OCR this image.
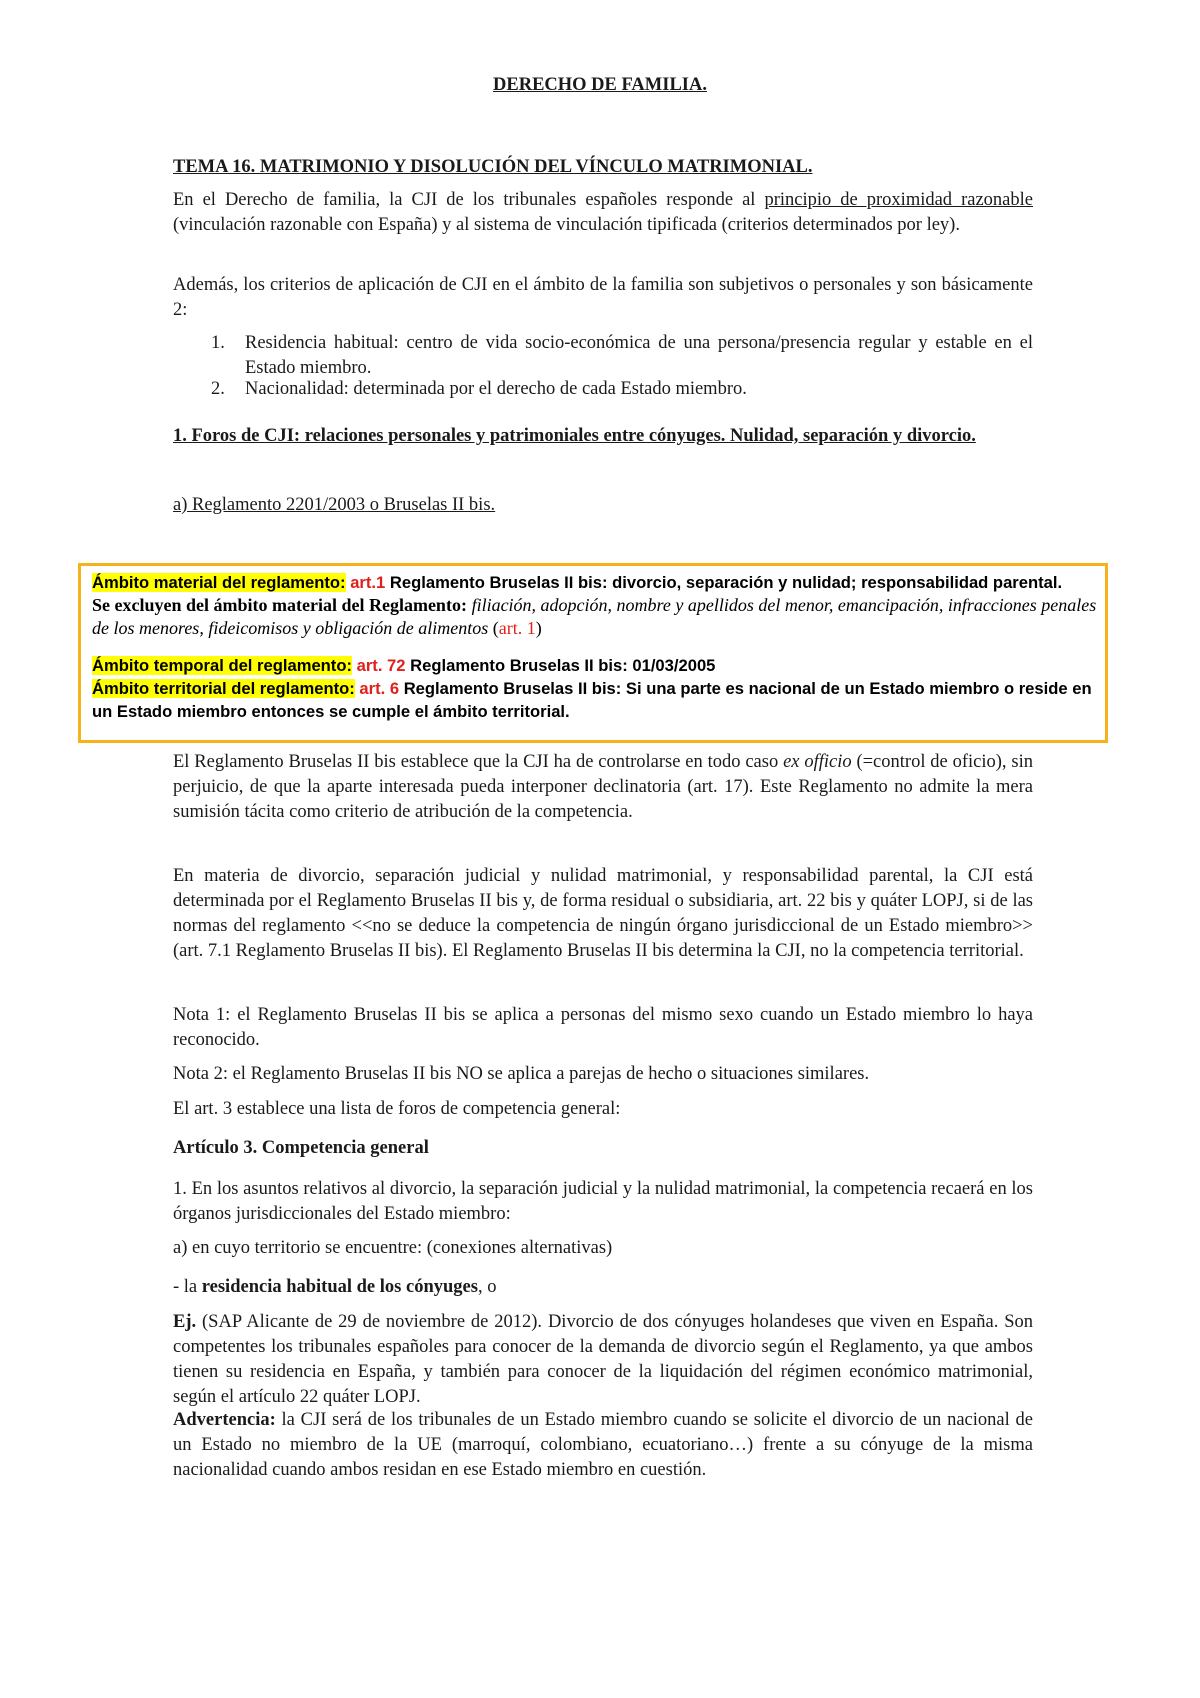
DERECHO DE FAMILIA.

TEMA 16. MATRIMONIO Y DISOLUCIÓN DEL VÍNCULO MATRIMONIAL.

En el Derecho de familia, la CJI de los tribunales españoles responde al principio de proximidad razonable (vinculación razonable con España) y al sistema de vinculación tipificada (criterios determinados por ley).

Además, los criterios de aplicación de CJI en el ámbito de la familia son subjetivos o personales y son básicamente 2:

1.	Residencia habitual: centro de vida socio-económica de una persona/presencia regular y estable en el Estado miembro.
2.	Nacionalidad: determinada por el derecho de cada Estado miembro.

1. Foros de CJI: relaciones personales y patrimoniales entre cónyuges. Nulidad, separación y divorcio.

a) Reglamento 2201/2003 o Bruselas II bis.

Ámbito material del reglamento: art.1 Reglamento Bruselas II bis: divorcio, separación y nulidad; responsabilidad parental.

Se excluyen del ámbito material del Reglamento: filiación, adopción, nombre y apellidos del menor, emancipación, infracciones penales de los menores, fideicomisos y obligación de alimentos (art. 1)

Ámbito temporal del reglamento: art. 72 Reglamento Bruselas II bis: 01/03/2005

Ámbito territorial del reglamento: art. 6 Reglamento Bruselas II bis: Si una parte es nacional de un Estado miembro o reside en un Estado miembro entonces se cumple el ámbito territorial.

El Reglamento Bruselas II bis establece que la CJI ha de controlarse en todo caso ex officio (=control de oficio), sin perjuicio, de que la aparte interesada pueda interponer declinatoria (art. 17). Este Reglamento no admite la mera sumisión tácita como criterio de atribución de la competencia.

En materia de divorcio, separación judicial y nulidad matrimonial, y responsabilidad parental, la CJI está determinada por el Reglamento Bruselas II bis y, de forma residual o subsidiaria, art. 22 bis y quáter LOPJ, si de las normas del reglamento <<no se deduce la competencia de ningún órgano jurisdiccional de un Estado miembro>> (art. 7.1 Reglamento Bruselas II bis). El Reglamento Bruselas II bis determina la CJI, no la competencia territorial.

Nota 1: el Reglamento Bruselas II bis se aplica a personas del mismo sexo cuando un Estado miembro lo haya reconocido.

Nota 2: el Reglamento Bruselas II bis NO se aplica a parejas de hecho o situaciones similares.

El art. 3 establece una lista de foros de competencia general:

Artículo 3. Competencia general

1. En los asuntos relativos al divorcio, la separación judicial y la nulidad matrimonial, la competencia recaerá en los órganos jurisdiccionales del Estado miembro:

a) en cuyo territorio se encuentre: (conexiones alternativas)

- la residencia habitual de los cónyuges, o

Ej. (SAP Alicante de 29 de noviembre de 2012). Divorcio de dos cónyuges holandeses que viven en España. Son competentes los tribunales españoles para conocer de la demanda de divorcio según el Reglamento, ya que ambos tienen su residencia en España, y también para conocer de la liquidación del régimen económico matrimonial, según el artículo 22 quáter LOPJ.

Advertencia: la CJI será de los tribunales de un Estado miembro cuando se solicite el divorcio de un nacional de un Estado no miembro de la UE (marroquí, colombiano, ecuatoriano…) frente a su cónyuge de la misma nacionalidad cuando ambos residan en ese Estado miembro en cuestión.
